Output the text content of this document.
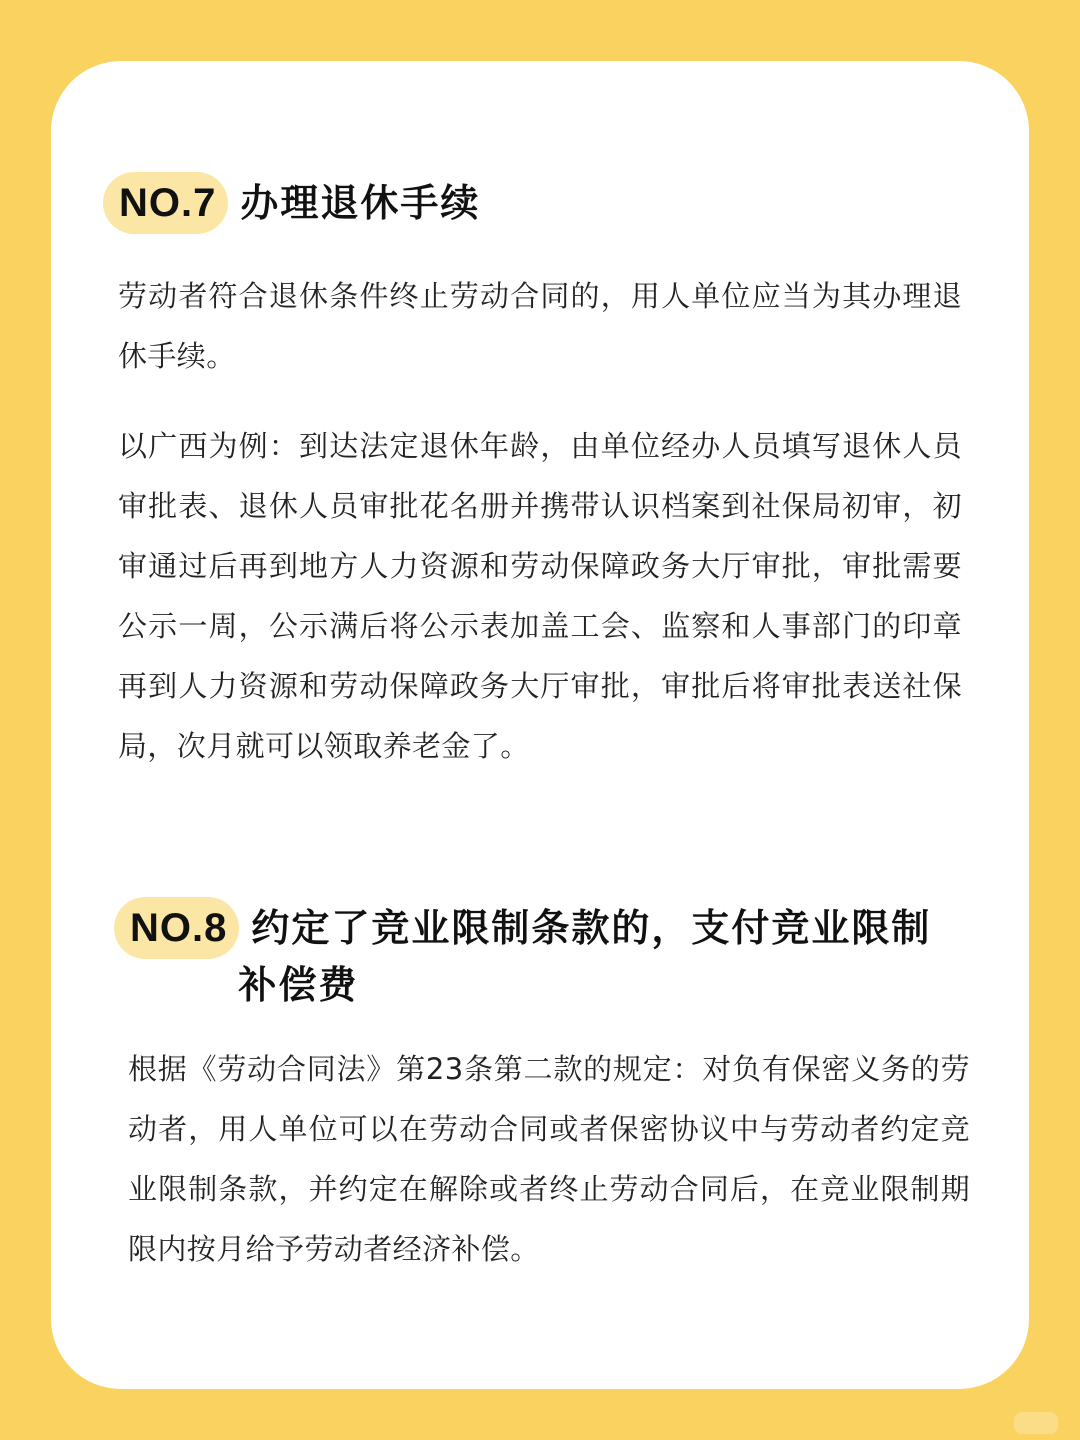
NO.7 办理退休手续

劳动者符合退休条件终止劳动合同的，用人单位应当为其办理退休手续。

以广西为例：到达法定退休年龄，由单位经办人员填写退休人员审批表、退休人员审批花名册并携带认识档案到社保局初审，初审通过后再到地方人力资源和劳动保障政务大厅审批，审批需要公示一周，公示满后将公示表加盖工会、监察和人事部门的印章再到人力资源和劳动保障政务大厅审批，审批后将审批表送社保局，次月就可以领取养老金了。

NO.8 约定了竞业限制条款的，支付竞业限制
补偿费

根据《劳动合同法》第23条第二款的规定：对负有保密义务的劳动者，用人单位可以在劳动合同或者保密协议中与劳动者约定竞业限制条款，并约定在解除或者终止劳动合同后，在竞业限制期限内按月给予劳动者经济补偿。
